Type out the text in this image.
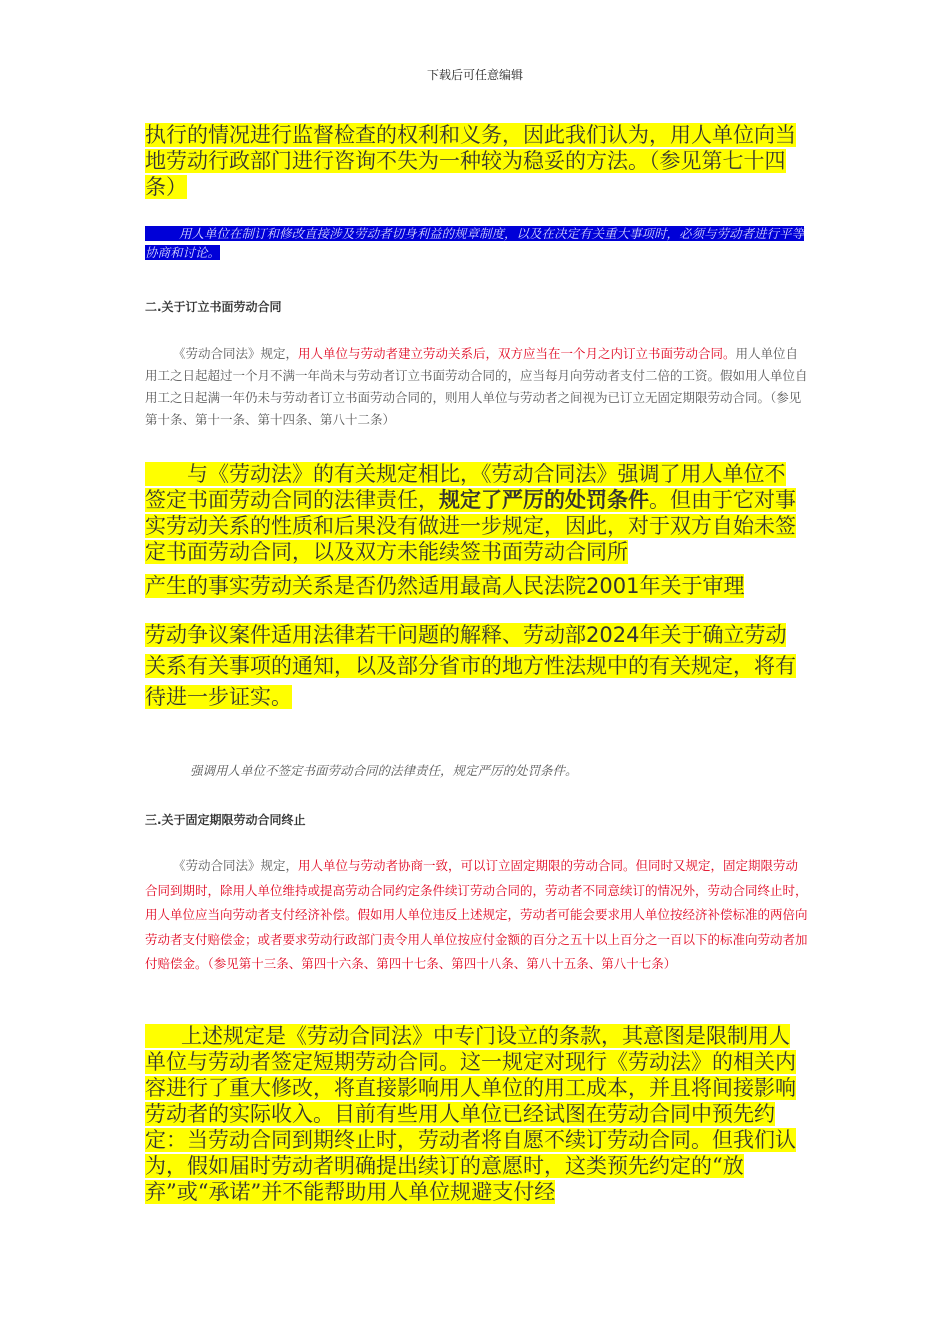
下载后可任意编辑
执行的情况进行监督检查的权利和义务，因此我们认为，用人单位向当地劳动行政部门进行咨询不失为一种较为稳妥的方法。（参见第七十四条）
用人单位在制订和修改直接涉及劳动者切身利益的规章制度，以及在决定有关重大事项时，必须与劳动者进行平等协商和讨论。
二.关于订立书面劳动合同
《劳动合同法》规定，用人单位与劳动者建立劳动关系后，双方应当在一个月之内订立书面劳动合同。用人单位自用工之日起超过一个月不满一年尚未与劳动者订立书面劳动合同的，应当每月向劳动者支付二倍的工资。假如用人单位自用工之日起满一年仍未与劳动者订立书面劳动合同的，则用人单位与劳动者之间视为已订立无固定期限劳动合同。（参见第十条、第十一条、第十四条、第八十二条）
与《劳动法》的有关规定相比，《劳动合同法》强调了用人单位不签定书面劳动合同的法律责任，规定了严厉的处罚条件。但由于它对事实劳动关系的性质和后果没有做进一步规定，因此，对于双方自始未签定书面劳动合同，以及双方未能续签书面劳动合同所
产生的事实劳动关系是否仍然适用最高人民法院2001年关于审理
劳动争议案件适用法律若干问题的解释、劳动部2024年关于确立劳动关系有关事项的通知，以及部分省市的地方性法规中的有关规定，将有待进一步证实。
强调用人单位不签定书面劳动合同的法律责任，规定严厉的处罚条件。
三.关于固定期限劳动合同终止
《劳动合同法》规定，用人单位与劳动者协商一致，可以订立固定期限的劳动合同。但同时又规定，固定期限劳动合同到期时，除用人单位维持或提高劳动合同约定条件续订劳动合同的，劳动者不同意续订的情况外，劳动合同终止时，用人单位应当向劳动者支付经济补偿。假如用人单位违反上述规定，劳动者可能会要求用人单位按经济补偿标准的两倍向劳动者支付赔偿金；或者要求劳动行政部门责令用人单位按应付金额的百分之五十以上百分之一百以下的标准向劳动者加付赔偿金。（参见第十三条、第四十六条、第四十七条、第四十八条、第八十五条、第八十七条）
上述规定是《劳动合同法》中专门设立的条款，其意图是限制用人单位与劳动者签定短期劳动合同。这一规定对现行《劳动法》的相关内容进行了重大修改，将直接影响用人单位的用工成本，并且将间接影响劳动者的实际收入。目前有些用人单位已经试图在劳动合同中预先约定：当劳动合同到期终止时，劳动者将自愿不续订劳动合同。但我们认为，假如届时劳动者明确提出续订的意愿时，这类预先约定的“放弃”或“承诺”并不能帮助用人单位规避支付经
